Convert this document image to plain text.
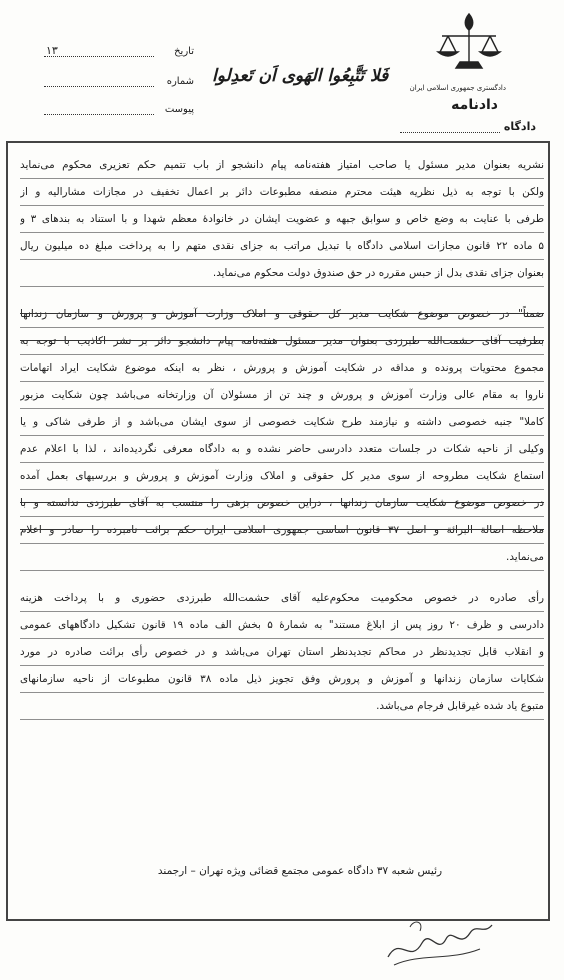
دادگستری جمهوری اسلامی ایران
دادنامه
دادگاه
فَلا تَتَّبِعُوا الهَوی اَن تَعدِلوا
تاریخ
۱۳
شماره
پیوست
نشریه بعنوان مدیر مسئول یا صاحب امتیاز هفته‌نامه پیام دانشجو از باب تتمیم حکم تعزیری محکوم می‌نماید
ولکن با توجه به ذیل نظریه هیئت محترم منصفه مطبوعات دائر بر اعمال تخفیف در مجازات مشارالیه و از
طرفی با عنایت به وضع خاص و سوابق جبهه و عضویت ایشان در خانوادهٔ معظم شهدا و با استناد به بندهای ۳ و
۵ ماده ۲۲ قانون مجازات اسلامی دادگاه با تبدیل مراتب به جزای نقدی متهم را به پرداخت مبلغ ده میلیون ریال
بعنوان جزای نقدی بدل از حبس مقرره در حق صندوق دولت محکوم می‌نماید.
ضمناً" در خصوص موضوع شکایت مدیر کل حقوقی و املاک وزارت آموزش و پرورش و سازمان زندانها
بطرفیت آقای حشمت‌الله طبرزدی بعنوان مدیر مسئول هفته‌نامه پیام دانشجو دائر بر نشر اکاذیب با توجه به
مجموع محتویات پرونده و مداقه در شکایت آموزش و پرورش ، نظر به اینکه موضوع شکایت ایراد اتهامات
ناروا به مقام عالی وزارت آموزش و پرورش و چند تن از مسئولان آن وزارتخانه می‌باشد چون شکایت مزبور
کاملا" جنبه خصوصی داشته و نیازمند طرح شکایت خصوصی از سوی ایشان می‌باشد و از طرفی شاکی و یا
وکیلی از ناحیه شکات در جلسات متعدد دادرسی حاضر نشده و به دادگاه معرفی نگردیده‌اند ، لذا با اعلام عدم
استماع شکایت مطروحه از سوی مدیر کل حقوقی و املاک وزارت آموزش و پرورش و بررسیهای بعمل آمده
در خصوص موضوع شکایت سازمان زندانها ، دراین خصوص بزهی را منتسب به آقای طبرزدی ندانسته و با
ملاحظه اصالة البرائة و اصل ۳۷ قانون اساسی جمهوری اسلامی ایران حکم برائت نامبرده را صادر و اعلام
می‌نماید.
رأی صادره در خصوص محکومیت محکوم‌علیه آقای حشمت‌الله طبرزدی حضوری و با پرداخت هزینه
دادرسی و ظرف ۲۰ روز پس از ابلاغ مستند" به شمارهٔ ۵ بخش الف ماده ۱۹ قانون تشکیل دادگاههای عمومی
و انقلاب قابل تجدیدنظر در محاکم تجدیدنظر استان تهران می‌باشد و در خصوص رأی برائت صادره در مورد
شکایات سازمان زندانها و آموزش و پرورش وفق تجویز ذیل ماده ۳۸ قانون مطبوعات از ناحیه سازمانهای
متبوع یاد شده غیرقابل فرجام می‌باشد.
رئیس شعبه ۳۷ دادگاه عمومی مجتمع قضائی ویژه تهران – ارجمند
